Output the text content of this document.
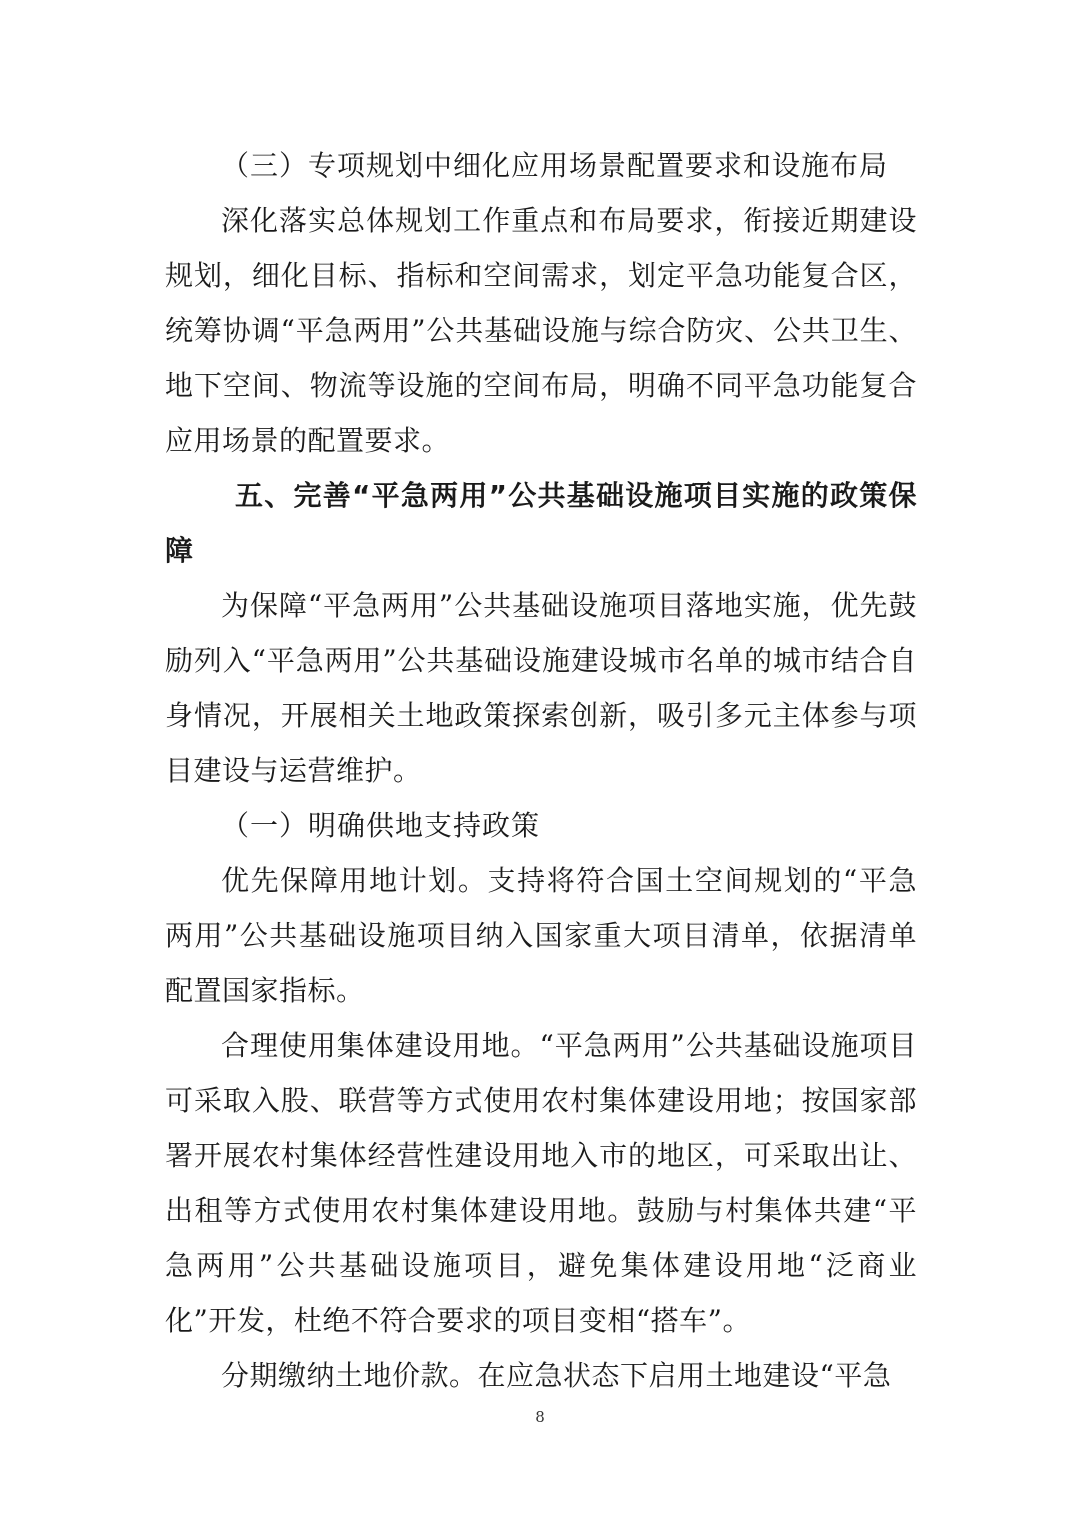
（三）专项规划中细化应用场景配置要求和设施布局

深化落实总体规划工作重点和布局要求，衔接近期建设规划，细化目标、指标和空间需求，划定平急功能复合区，统筹协调“平急两用”公共基础设施与综合防灾、公共卫生、地下空间、物流等设施的空间布局，明确不同平急功能复合应用场景的配置要求。

五、完善“平急两用”公共基础设施项目实施的政策保障

为保障“平急两用”公共基础设施项目落地实施，优先鼓励列入“平急两用”公共基础设施建设城市名单的城市结合自身情况，开展相关土地政策探索创新，吸引多元主体参与项目建设与运营维护。

（一）明确供地支持政策

优先保障用地计划。支持将符合国土空间规划的“平急两用”公共基础设施项目纳入国家重大项目清单，依据清单配置国家指标。

合理使用集体建设用地。“平急两用”公共基础设施项目可采取入股、联营等方式使用农村集体建设用地；按国家部署开展农村集体经营性建设用地入市的地区，可采取出让、出租等方式使用农村集体建设用地。鼓励与村集体共建“平急两用”公共基础设施项目，避免集体建设用地“泛商业化”开发，杜绝不符合要求的项目变相“搭车”。

分期缴纳土地价款。在应急状态下启用土地建设“平急

8
